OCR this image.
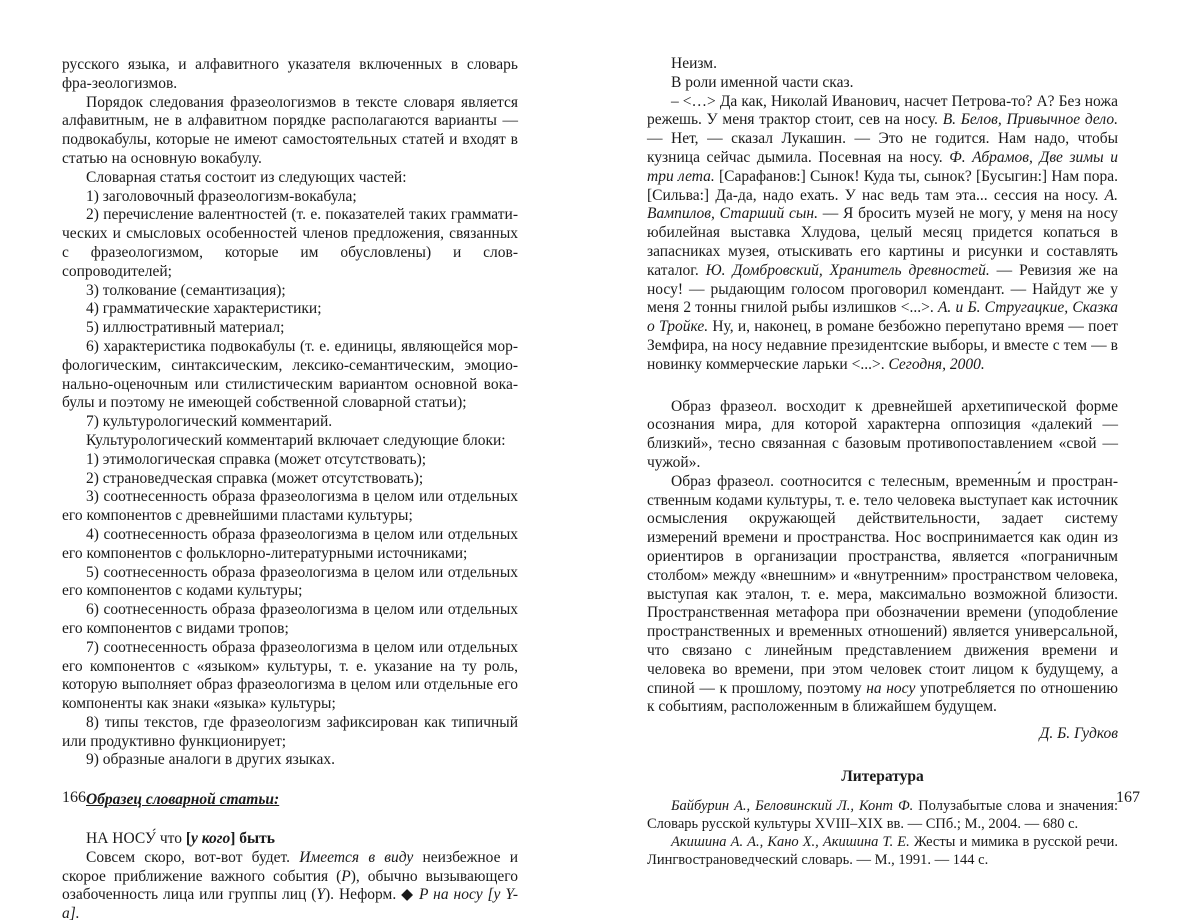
русского языка, и алфавитного указателя включенных в словарь фра-зеологизмов.

Порядок следования фразеологизмов в тексте словаря является алфавитным, не в алфавитном порядке располагаются варианты — подвокабулы, которые не имеют самостоятельных статей и входят в статью на основную вокабулу.

Словарная статья состоит из следующих частей:

1) заголовочный фразеологизм-вокабула;

2) перечисление валентностей (т. е. показателей таких грамматических и смысловых особенностей членов предложения, связанных с фразеологизмом, которые им обусловлены) и слов-сопроводителей;

3) толкование (семантизация);

4) грамматические характеристики;

5) иллюстративный материал;

6) характеристика подвокабулы (т. е. единицы, являющейся морфологическим, синтаксическим, лексико-семантическим, эмоционально-оценочным или стилистическим вариантом основной вокабулы и поэтому не имеющей собственной словарной статьи);

7) культурологический комментарий.

Культурологический комментарий включает следующие блоки:

1) этимологическая справка (может отсутствовать);

2) страноведческая справка (может отсутствовать);

3) соотнесенность образа фразеологизма в целом или отдельных его компонентов с древнейшими пластами культуры;

4) соотнесенность образа фразеологизма в целом или отдельных его компонентов с фольклорно-литературными источниками;

5) соотнесенность образа фразеологизма в целом или отдельных его компонентов с кодами культуры;

6) соотнесенность образа фразеологизма в целом или отдельных его компонентов с видами тропов;

7) соотнесенность образа фразеологизма в целом или отдельных его компонентов с «языком» культуры, т. е. указание на ту роль, которую выполняет образ фразеологизма в целом или отдельные его компоненты как знаки «языка» культуры;

8) типы текстов, где фразеологизм зафиксирован как типичный или продуктивно функционирует;

9) образные аналоги в других языках.

Образец словарной статьи:

НА НОСУ́ что [у кого] быть

Совсем скоро, вот-вот будет. Имеется в виду неизбежное и скорое приближение важного события (P), обычно вызывающего озабоченность лица или группы лиц (Y). Неформ. ◆ P на носу [у Y-а].

166

Неизм.

В роли именной части сказ.

– <…> Да как, Николай Иванович, насчет Петрова-то? А? Без ножа режешь. У меня трактор стоит, сев на носу. В. Белов, Привычное дело. — Нет, — сказал Лукашин. — Это не годится. Нам надо, чтобы кузница сейчас дымила. Посевная на носу. Ф. Абрамов, Две зимы и три лета. [Сарафанов:] Сынок! Куда ты, сынок? [Бусыгин:] Нам пора. [Сильва:] Да-да, надо ехать. У нас ведь там эта... сессия на носу. А. Вампилов, Старший сын. — Я бросить музей не могу, у меня на носу юбилейная выставка Хлудова, целый месяц придется копаться в запасниках музея, отыскивать его картины и рисунки и составлять каталог. Ю. Домбровский, Хранитель древностей. — Ревизия же на носу! — рыдающим голосом проговорил комендант. — Найдут же у меня 2 тонны гнилой рыбы излишков <...>. А. и Б. Стругацкие, Сказка о Тройке. Ну, и, наконец, в романе безбожно перепутано время — поет Земфира, на носу недавние президентские выборы, и вместе с тем — в новинку коммерческие ларьки <...>. Сегодня, 2000.

Образ фразеол. восходит к древнейшей архетипической форме осознания мира, для которой характерна оппозиция «далекий — близкий», тесно связанная с базовым противопоставлением «свой — чужой».

Образ фразеол. соотносится с телесным, временны́м и пространственным кодами культуры, т. е. тело человека выступает как источник осмысления окружающей действительности, задает систему измерений времени и пространства. Нос воспринимается как один из ориентиров в организации пространства, является «пограничным столбом» между «внешним» и «внутренним» пространством человека, выступая как эталон, т. е. мера, максимально возможной близости. Пространственная метафора при обозначении времени (уподобление пространственных и временных отношений) является универсальной, что связано с линейным представлением движения времени и человека во времени, при этом человек стоит лицом к будущему, а спиной — к прошлому, поэтому на носу употребляется по отношению к событиям, расположенным в ближайшем будущем.

Д. Б. Гудков

Литература

Байбурин А., Беловинский Л., Конт Ф. Полузабытые слова и значения: Словарь русской культуры XVIII–XIX вв. — СПб.; М., 2004. — 680 с.

Акишина А. А., Кано Х., Акишина Т. Е. Жесты и мимика в русской речи. Лингвострановедческий словарь. — М., 1991. — 144 с.

167
